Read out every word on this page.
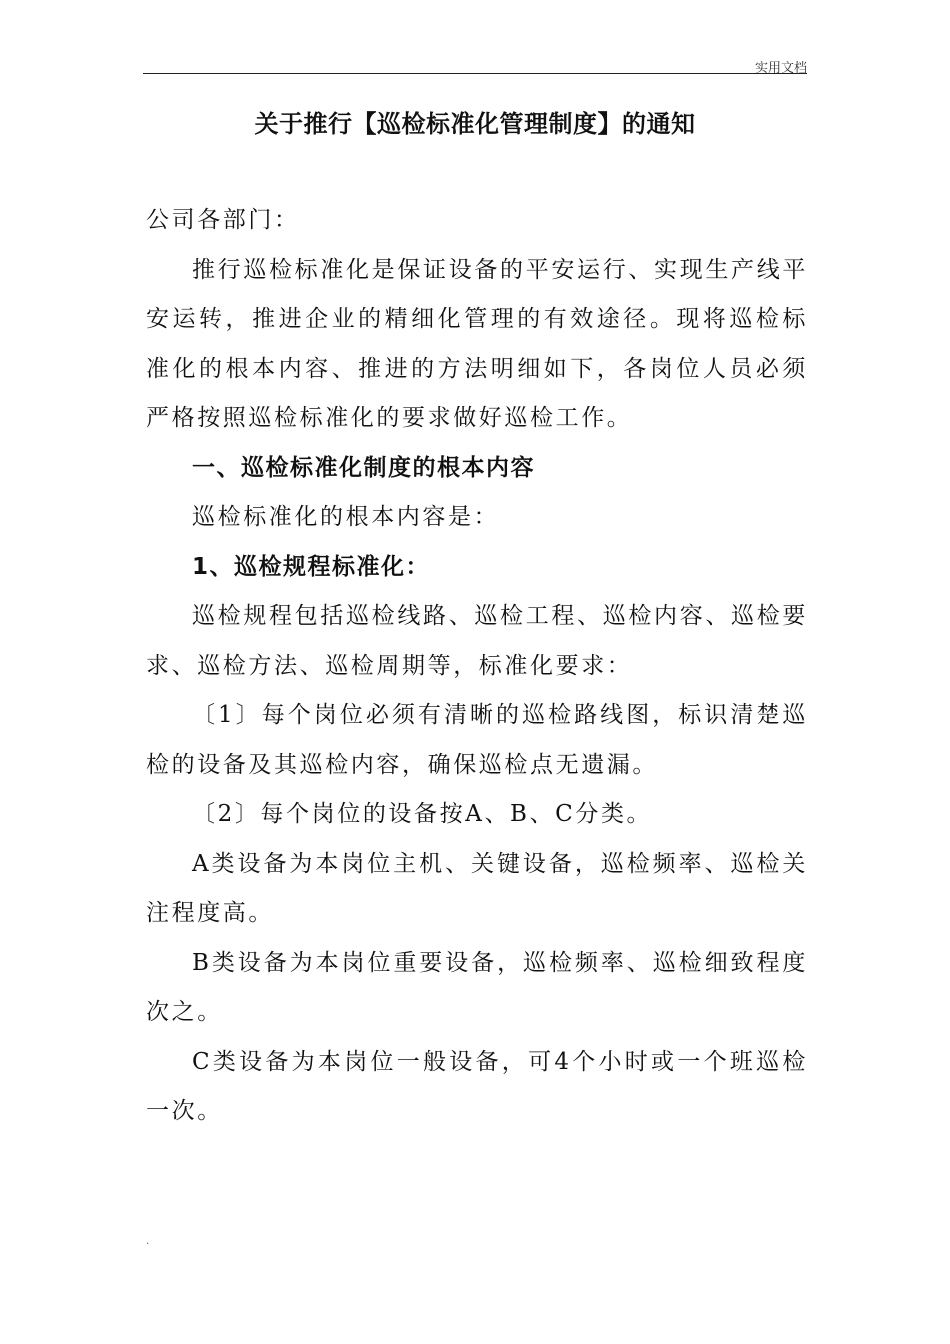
实用文档
关于推行【巡检标准化管理制度】的通知

公司各部门：

推行巡检标准化是保证设备的平安运行、实现生产线平安运转，推进企业的精细化管理的有效途径。现将巡检标准化的根本内容、推进的方法明细如下，各岗位人员必须严格按照巡检标准化的要求做好巡检工作。

一、巡检标准化制度的根本内容

巡检标准化的根本内容是：

1、巡检规程标准化：

巡检规程包括巡检线路、巡检工程、巡检内容、巡检要求、巡检方法、巡检周期等，标准化要求：

〔1〕每个岗位必须有清晰的巡检路线图，标识清楚巡检的设备及其巡检内容，确保巡检点无遗漏。

〔2〕每个岗位的设备按A、B、C分类。

A类设备为本岗位主机、关键设备，巡检频率、巡检关注程度高。

B类设备为本岗位重要设备，巡检频率、巡检细致程度次之。

C类设备为本岗位一般设备，可4个小时或一个班巡检一次。

.
